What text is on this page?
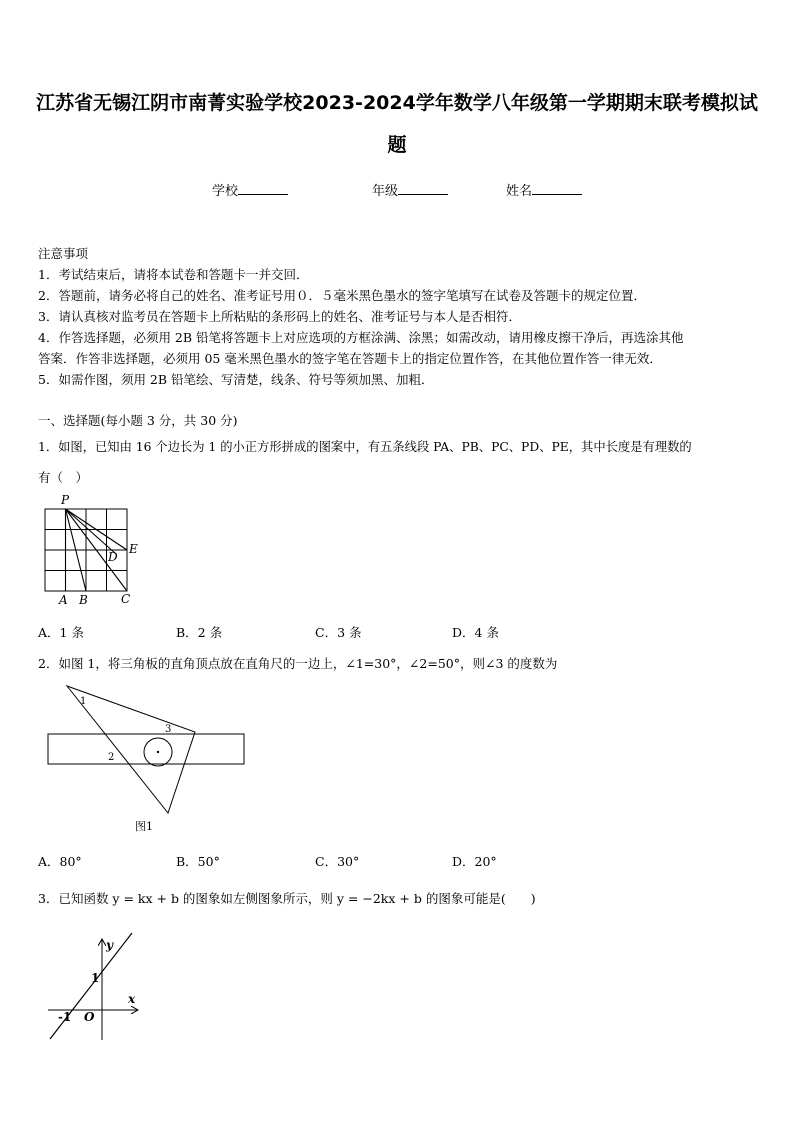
江苏省无锡江阴市南菁实验学校2023-2024学年数学八年级第一学期期末联考模拟试
题
学校	年级	姓名
注意事项
1．考试结束后，请将本试卷和答题卡一并交回．
2．答题前，请务必将自己的姓名、准考证号用０．５毫米黑色墨水的签字笔填写在试卷及答题卡的规定位置．
3．请认真核对监考员在答题卡上所粘贴的条形码上的姓名、准考证号与本人是否相符．
4．作答选择题，必须用 2B 铅笔将答题卡上对应选项的方框涂满、涂黑；如需改动，请用橡皮擦干净后，再选涂其他
答案．作答非选择题，必须用 05 毫米黑色墨水的签字笔在答题卡上的指定位置作答，在其他位置作答一律无效．
5．如需作图，须用 2B 铅笔绘、写清楚，线条、符号等须加黑、加粗．
一、选择题(每小题 3 分，共 30 分)
1．如图，已知由 16 个边长为 1 的小正方形拼成的图案中，有五条线段 PA、PB、PC、PD、PE，其中长度是有理数的
有（　）
P
A B	C
D
E
A．1 条	B．2 条	C．3 条	D．4 条
2．如图 1，将三角板的直角顶点放在直角尺的一边上，∠1=30°，∠2=50°，则∠3 的度数为
1
2
3
图1
A．80°	B．50°	C．30°	D．20°
3．已知函数 y = kx + b 的图象如左侧图象所示，则 y = −2kx + b 的图象可能是(　　)
y
x
1
-1 O
